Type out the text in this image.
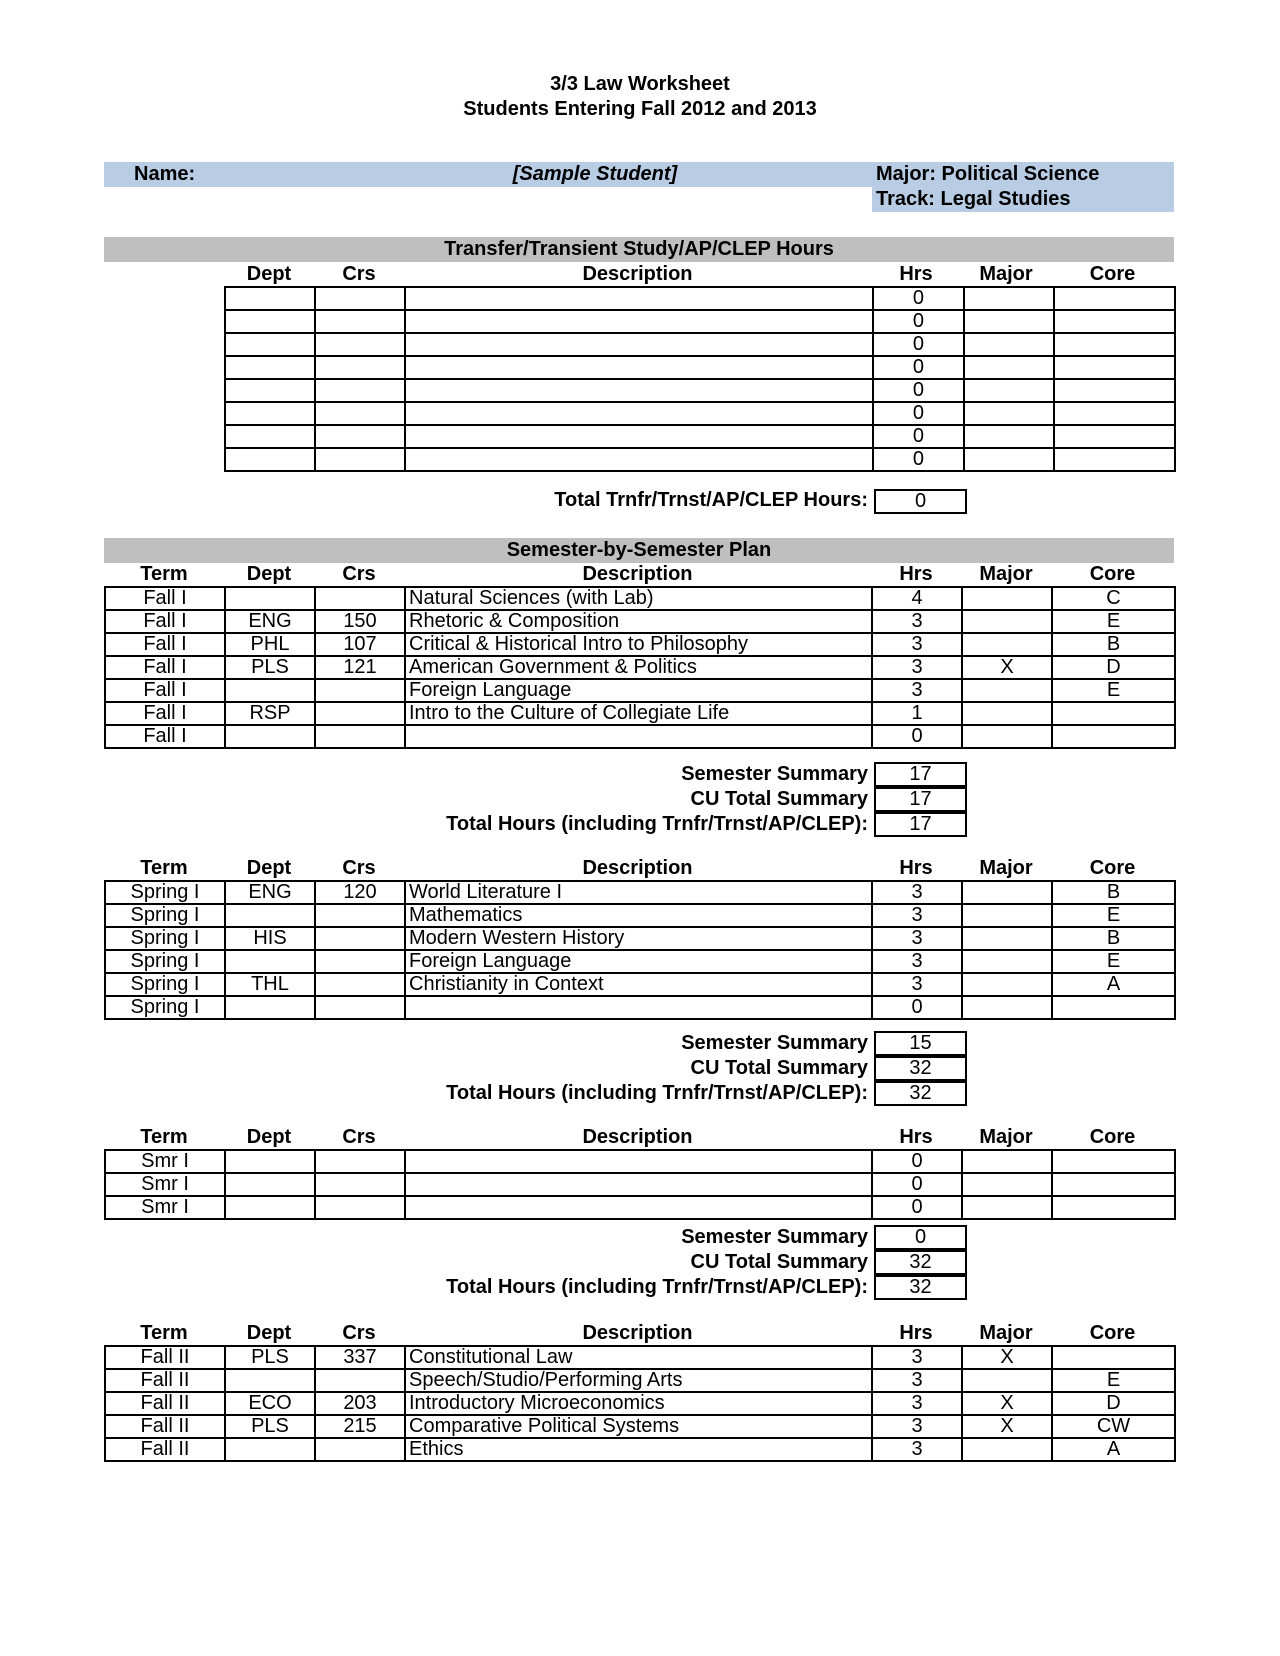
3/3 Law Worksheet
Students Entering Fall 2012 and 2013
Name:	[Sample Student]	Major: Political Science
Track: Legal Studies
Transfer/Transient Study/AP/CLEP Hours
			0		
			0		
			0		
			0		
			0		
			0		
			0		
			0		
Total Trnfr/Trnst/AP/CLEP Hours:	0
Semester-by-Semester Plan
Dept	Crs	Description	Hrs	Major	Core
Term	Dept	Crs	Description	Hrs	Major	Core
Fall I			Natural Sciences (with Lab)	4		C
Fall I	ENG	150	Rhetoric & Composition	3		E
Fall I	PHL	107	Critical & Historical Intro to Philosophy	3		B
Fall I	PLS	121	American Government & Politics	3	X	D
Fall I			Foreign Language	3		E
Fall I	RSP		Intro to the Culture of Collegiate Life	1		
Fall I				0		
Semester Summary	17
CU Total Summary	17
Total Hours (including Trnfr/Trnst/AP/CLEP):	17
Term	Dept	Crs	Description	Hrs	Major	Core
Spring I	ENG	120	World Literature I	3		B
Spring I			Mathematics	3		E
Spring I	HIS		Modern Western History	3		B
Spring I			Foreign Language	3		E
Spring I	THL		Christianity in Context	3		A
Spring I				0		
Semester Summary	15
CU Total Summary	32
Total Hours (including Trnfr/Trnst/AP/CLEP):	32
Term	Dept	Crs	Description	Hrs	Major	Core
Smr I				0		
Smr I				0		
Smr I				0		
Semester Summary	0
CU Total Summary	32
Total Hours (including Trnfr/Trnst/AP/CLEP):	32
Term	Dept	Crs	Description	Hrs	Major	Core
Fall II	PLS	337	Constitutional Law	3	X	
Fall II			Speech/Studio/Performing Arts	3		E
Fall II	ECO	203	Introductory Microeconomics	3	X	D
Fall II	PLS	215	Comparative Political Systems	3	X	CW
Fall II			Ethics	3		A
